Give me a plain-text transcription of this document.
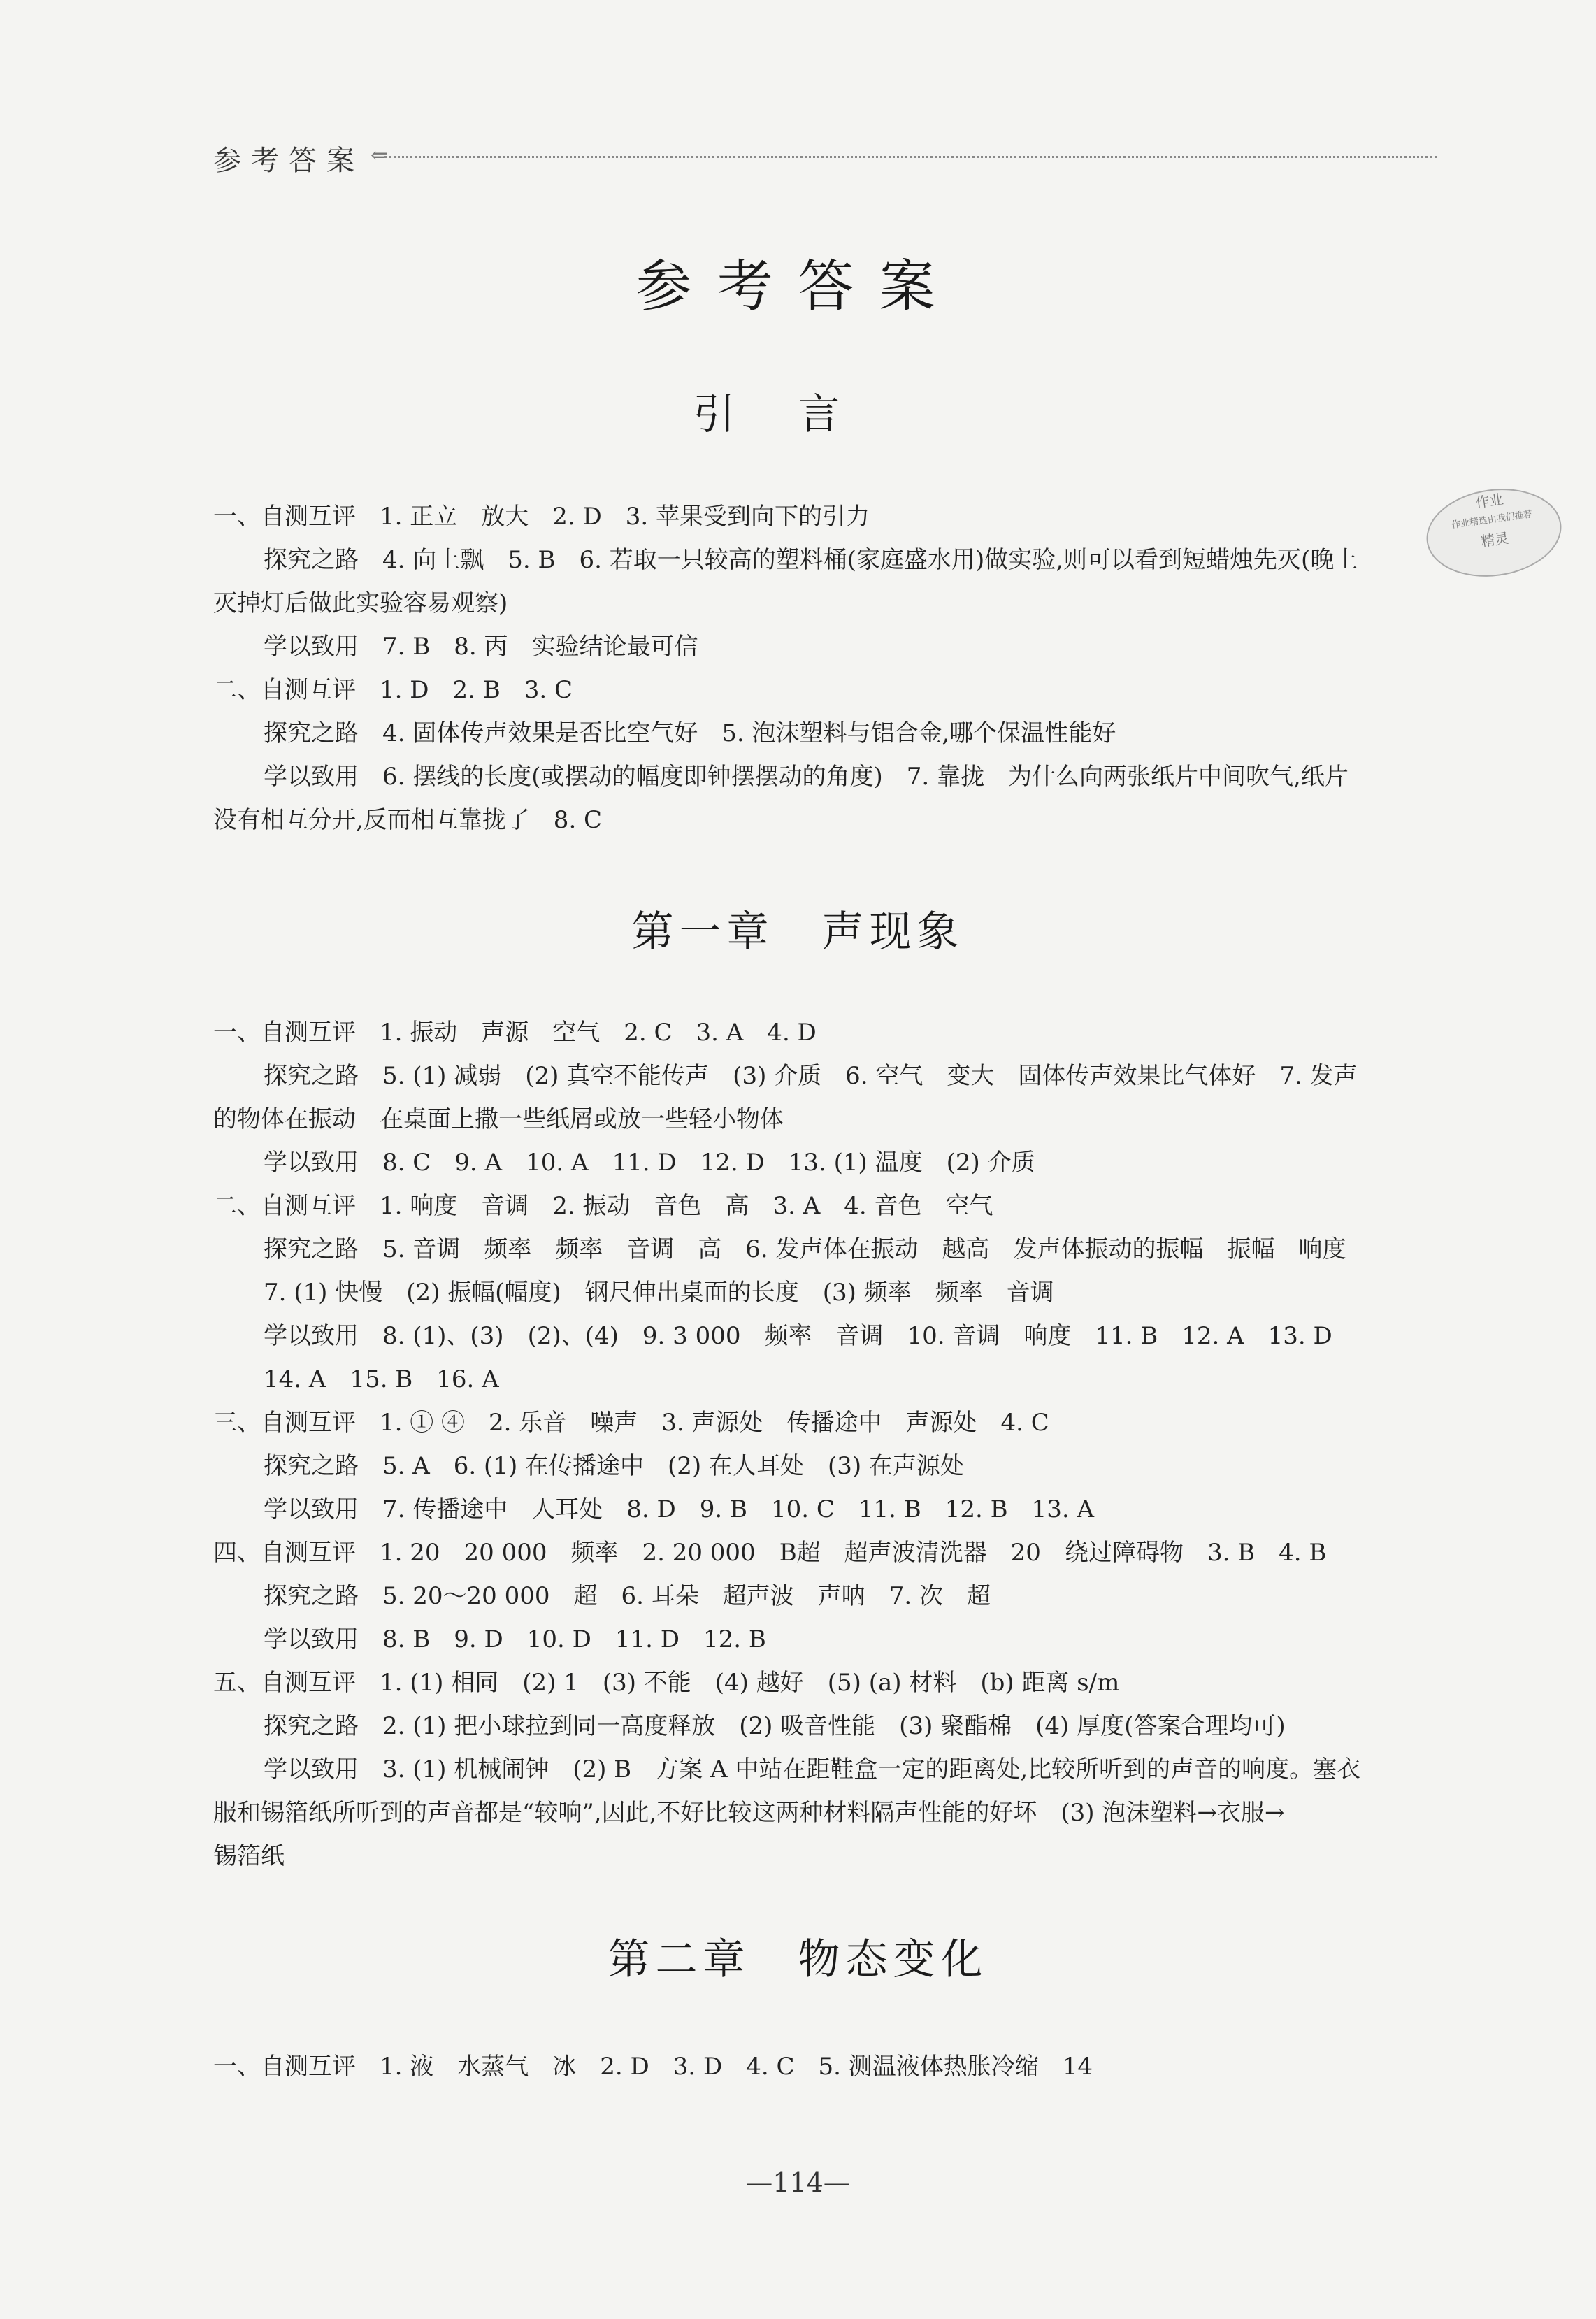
参考答案 ⇐
参考答案
作业
作业精选由我们推荐
精灵
引言
一、自测互评　1. 正立　放大　2. D　3. 苹果受到向下的引力
探究之路　4. 向上飘　5. B　6. 若取一只较高的塑料桶(家庭盛水用)做实验,则可以看到短蜡烛先灭(晚上
灭掉灯后做此实验容易观察)
学以致用　7. B　8. 丙　实验结论最可信
二、自测互评　1. D　2. B　3. C
探究之路　4. 固体传声效果是否比空气好　5. 泡沫塑料与铝合金,哪个保温性能好
学以致用　6. 摆线的长度(或摆动的幅度即钟摆摆动的角度)　7. 靠拢　为什么向两张纸片中间吹气,纸片
没有相互分开,反而相互靠拢了　8. C
第一章　声现象
一、自测互评　1. 振动　声源　空气　2. C　3. A　4. D
探究之路　5. (1) 减弱　(2) 真空不能传声　(3) 介质　6. 空气　变大　固体传声效果比气体好　7. 发声
的物体在振动　在桌面上撒一些纸屑或放一些轻小物体
学以致用　8. C　9. A　10. A　11. D　12. D　13. (1) 温度　(2) 介质
二、自测互评　1. 响度　音调　2. 振动　音色　高　3. A　4. 音色　空气
探究之路　5. 音调　频率　频率　音调　高　6. 发声体在振动　越高　发声体振动的振幅　振幅　响度
7. (1) 快慢　(2) 振幅(幅度)　钢尺伸出桌面的长度　(3) 频率　频率　音调
学以致用　8. (1)、(3)　(2)、(4)　9. 3 000　频率　音调　10. 音调　响度　11. B　12. A　13. D
14. A　15. B　16. A
三、自测互评　1. ① ④　2. 乐音　噪声　3. 声源处　传播途中　声源处　4. C
探究之路　5. A　6. (1) 在传播途中　(2) 在人耳处　(3) 在声源处
学以致用　7. 传播途中　人耳处　8. D　9. B　10. C　11. B　12. B　13. A
四、自测互评　1. 20　20 000　频率　2. 20 000　B超　超声波清洗器　20　绕过障碍物　3. B　4. B
探究之路　5. 20～20 000　超　6. 耳朵　超声波　声呐　7. 次　超
学以致用　8. B　9. D　10. D　11. D　12. B
五、自测互评　1. (1) 相同　(2) 1　(3) 不能　(4) 越好　(5) (a) 材料　(b) 距离 s/m
探究之路　2. (1) 把小球拉到同一高度释放　(2) 吸音性能　(3) 聚酯棉　(4) 厚度(答案合理均可)
学以致用　3. (1) 机械闹钟　(2) B　方案 A 中站在距鞋盒一定的距离处,比较所听到的声音的响度。塞衣
服和锡箔纸所听到的声音都是“较响”,因此,不好比较这两种材料隔声性能的好坏　(3) 泡沫塑料→衣服→
锡箔纸
第二章　物态变化
一、自测互评　1. 液　水蒸气　冰　2. D　3. D　4. C　5. 测温液体热胀冷缩　14
—114—
